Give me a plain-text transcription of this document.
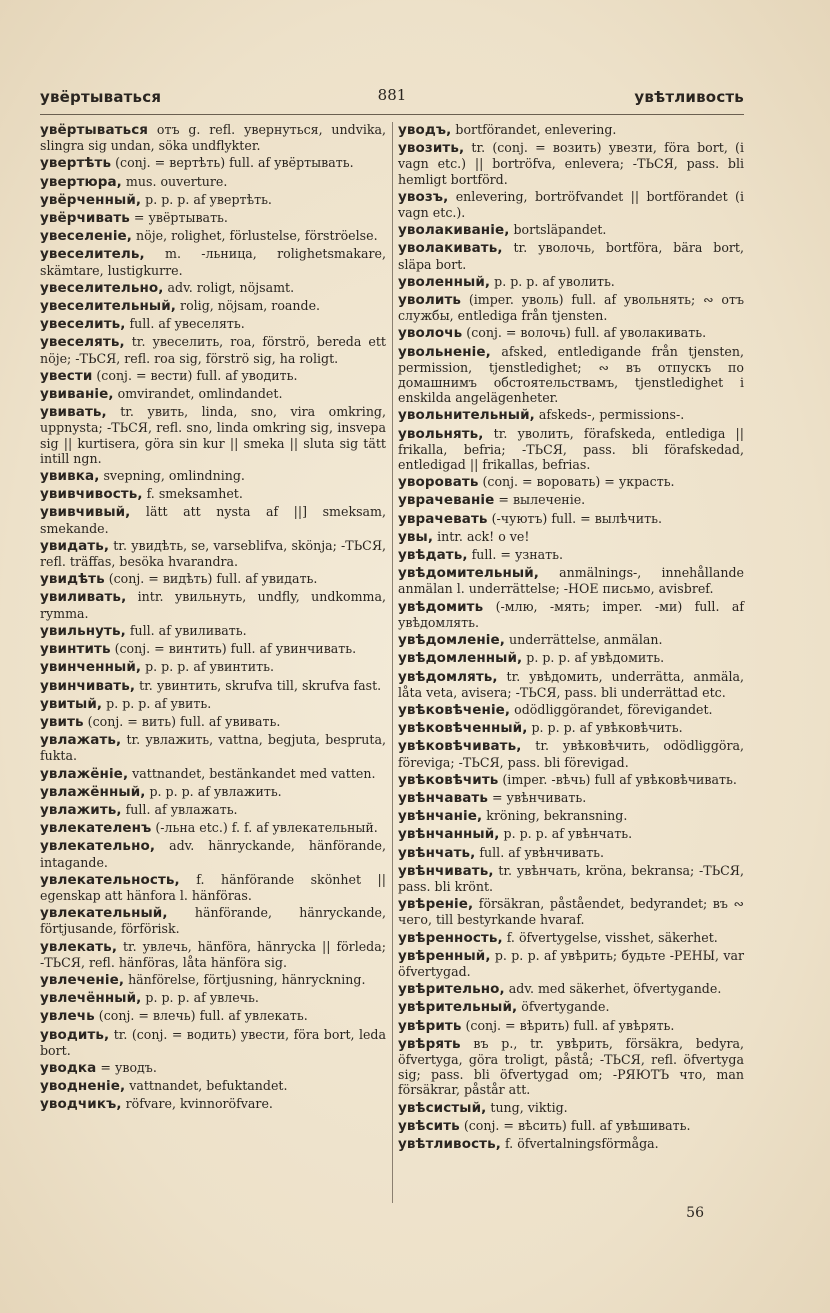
увёртываться	881	увѣтливость

увёртываться отъ g. refl. увернуться, undvika, slingra sig undan, söka undflykter.

увертѣть (conj. = вертѣть) full. af увёртывать.

увертюра, mus. ouverture.

увёрченный, p. p. p. af увертѣть.

увёрчивать = увёртывать.

увеселеніе, nöje, rolighet, förlustelse, förströelse.

увеселитель, m. -льница, rolighetsmakare, skämtare, lustigkurre.

увеселительно, adv. roligt, nöjsamt.

увеселительный, rolig, nöjsam, roande.

увеселить, full. af увеселять.

увеселять, tr. увеселить, roa, förströ, bereda ett nöje; -ТЬСЯ, refl. roa sig, förströ sig, ha roligt.

увести (conj. = вести) full. af уводить.

увиваніе, omvirandet, omlindandet.

увивать, tr. увить, linda, sno, vira omkring, uppnysta; -ТЬСЯ, refl. sno, linda omkring sig, insvepa sig || kurtisera, göra sin kur || smeka || sluta sig tätt intill ngn.

увивка, svepning, omlindning.

увивчивость, f. smeksamhet.

увивчивый, lätt att nysta af ||] smeksam, smekande.

увидать, tr. увидѣть, se, varseblifva, skönja; -ТЬСЯ, refl. träffas, besöka hvarandra.

увидѣть (conj. = видѣть) full. af увидать.

увиливать, intr. увильнуть, undfly, undkomma, rymma.

увильнуть, full. af увиливать.

увинтить (conj. = винтить) full. af увинчивать.

увинченный, p. p. p. af увинтить.

увинчивать, tr. увинтить, skrufva till, skrufva fast.

увитый, p. p. p. af увить.

увить (conj. = вить) full. af увивать.

увлажать, tr. увлажить, vattna, begjuta, bespruta, fukta.

увлажёніе, vattnandet, bestänkandet med vatten.

увлажённый, p. p. p. af увлажить.

увлажить, full. af увлажать.

увлекателенъ (-льна etc.) f. f. af увлекательный.

увлекательно, adv. hänryckande, hänförande, intagande.

увлекательность, f. hänförande skönhet || egenskap att hänfora l. hänföras.

увлекательный, hänförande, hänryckande, förtjusande, förförisk.

увлекать, tr. увлечь, hänföra, hänrycka || förleda; -ТЬСЯ, refl. hänföras, låta hänföra sig.

увлеченіе, hänförelse, förtjusning, hänryckning.

увлечённый, p. p. p. af увлечь.

увлечь (conj. = влечь) full. af увлекать.

уводить, tr. (conj. = водить) увести, föra bort, leda bort.

уводка = уводъ.

уводненіе, vattnandet, befuktandet.

уводчикъ, röfvare, kvinnoröfvare.

уводъ, bortförandet, enlevering.

увозить, tr. (conj. = возить) увезти, föra bort, (i vagn etc.) || bortröfva, enlevera; -ТЬСЯ, pass. bli hemligt bortförd.

увозъ, enlevering, bortröfvandet || bortförandet (i vagn etc.).

уволакиваніе, bortsläpandet.

уволакивать, tr. уволочь, bortföra, bära bort, släpa bort.

уволенный, p. p. p. af уволить.

уволить (imper. уволь) full. af увольнять; ∾ отъ службы, entlediga från tjensten.

уволочь (conj. = волочь) full. af уволакивать.

увольненіе, afsked, entledigande från tjensten, permission, tjenstledighet; ∾ въ отпускъ по домашнимъ обстоятельствамъ, tjenstledighet i enskilda angelägenheter.

увольнительный, afskeds-, permissions-.

увольнять, tr. уволить, förafskeda, entlediga || frikalla, befria; -ТЬСЯ, pass. bli förafskedad, entledigad || frikallas, befrias.

уворовать (conj. = воровать) = украсть.

уврачеваніе = вылеченіе.

уврачевать (-чуютъ) full. = вылѣчить.

увы, intr. ack! o ve!

увѣдать, full. = узнать.

увѣдомительный, anmälnings-, innehållande anmälan l. underrättelse; -НОЕ письмо, avisbref.

увѣдомить (-млю, -мять; imper. -ми) full. af увѣдомлять.

увѣдомленіе, underrättelse, anmälan.

увѣдомленный, p. p. p. af увѣдомить.

увѣдомлять, tr. увѣдомить, underrätta, anmäla, låta veta, avisera; -ТЬСЯ, pass. bli underrättad etc.

увѣковѣченіе, odödliggörandet, förevigandet.

увѣковѣченный, p. p. p. af увѣковѣчить.

увѣковѣчивать, tr. увѣковѣчить, odödliggöra, föreviga; -ТЬСЯ, pass. bli förevigad.

увѣковѣчить (imper. -вѣчь) full af увѣковѣчивать.

увѣнчавать = увѣнчивать.

увѣнчаніе, kröning, bekransning.

увѣнчанный, p. p. p. af увѣнчать.

увѣнчать, full. af увѣнчивать.

увѣнчивать, tr. увѣнчать, kröna, bekransa; -ТЬСЯ, pass. bli krönt.

увѣреніе, försäkran, påståendet, bedyrandet; въ ∾ чего, till bestyrkande hvaraf.

увѣренность, f. öfvertygelse, visshet, säkerhet.

увѣренный, p. p. p. af увѣрить; будьте -РЕНЫ, var öfvertygad.

увѣрительно, adv. med säkerhet, öfvertygande.

увѣрительный, öfvertygande.

увѣрить (conj. = вѣрить) full. af увѣрять.

увѣрять въ p., tr. увѣрить, försäkra, bedyra, öfvertyga, göra troligt, påstå; -ТЬСЯ, refl. öfvertyga sig; pass. bli öfvertygad om; -РЯЮТЪ что, man försäkrar, påstår att.

увѣсистый, tung, viktig.

увѣсить (conj. = вѣсить) full. af увѣшивать.

увѣтливость, f. öfvertalningsförmåga.

56
